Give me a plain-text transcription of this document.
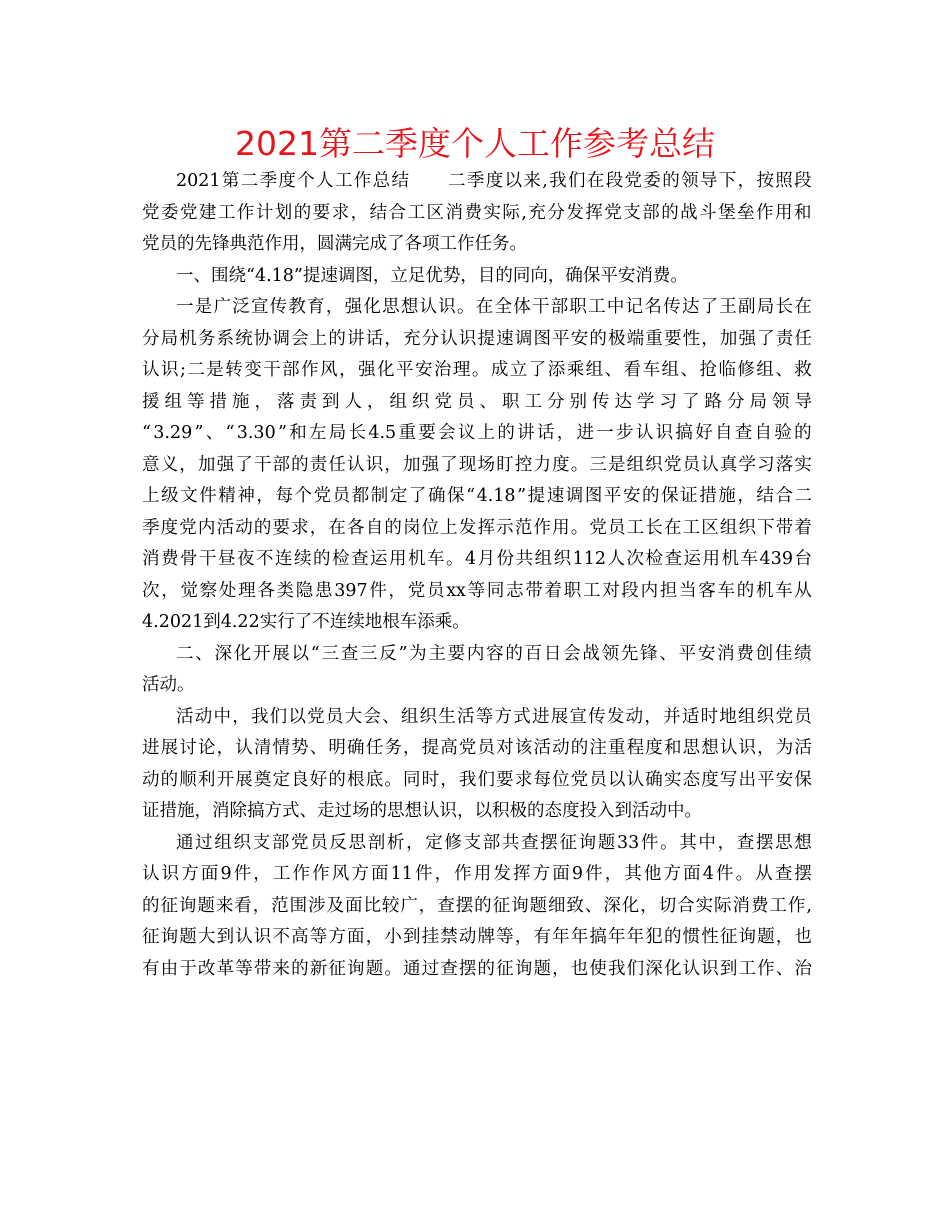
2021第二季度个人工作参考总结
2021 第 二 季 度 个 人 工 作 总 结

　 二 季 度 以 来 , 我 们 在 段 党 委 的 领 导 下 ， 按 照 段
党 委 党 建 工 作 计 划 的 要 求 ， 结 合 工 区 消 费 实 际 , 充 分 发 挥 党 支 部 的 战 斗 堡 垒 作 用 和
党员的先锋典范作用，圆满完成了各项工作任务。
一、围绕“4.18”提速调图，立足优势，目的同向，确保平安消费。
一 是 广 泛 宣 传 教 育 ， 强 化 思 想 认 识 。 在 全 体 干 部 职 工 中 记 名 传 达 了 王 副 局 长 在
分 局 机 务 系 统 协 调 会 上 的 讲 话 ， 充 分 认 识 提 速 调 图 平 安 的 极 端 重 要 性 ， 加 强 了 责 任
认 识 ; 二 是 转 变 干 部 作 风 ， 强 化 平 安 治 理 。 成 立 了 添 乘 组 、 看 车 组 、 抢 临 修 组 、 救
援 组 等 措 施 ， 落 责 到 人 ， 组 织 党 员 、 职 工 分 别 传 达 学 习 了 路 分 局 领 导
“ 3.29 ” 、 “ 3.30 ” 和 左 局 长 4.5 重 要 会 议 上 的 讲 话 ， 进 一 步 认 识 搞 好 自 查 自 验 的
意 义 ， 加 强 了 干 部 的 责 任 认 识 ， 加 强 了 现 场 盯 控 力 度 。 三 是 组 织 党 员 认 真 学 习 落 实
上 级 文 件 精 神 ， 每 个 党 员 都 制 定 了 确 保 “ 4.18 ” 提 速 调 图 平 安 的 保 证 措 施 ， 结 合 二
季 度 党 内 活 动 的 要 求 ， 在 各 自 的 岗 位 上 发 挥 示 范 作 用 。 党 员 工 长 在 工 区 组 织 下 带 着
消 费 骨 干 昼 夜 不 连 续 的 检 查 运 用 机 车 。 4 月 份 共 组 织 112 人 次 检 查 运 用 机 车 439 台
次 ， 觉 察 处 理 各 类 隐 患 397 件 ， 党 员 xx 等 同 志 带 着 职 工 对 段 内 担 当 客 车 的 机 车 从
4.2021到4.22实行了不连续地根车添乘。
二 、 深 化 开 展 以 “ 三 查 三 反 ” 为 主 要 内 容 的 百 日 会 战 领 先 锋 、 平 安 消 费 创 佳 绩
活动。
活 动 中 ， 我 们 以 党 员 大 会 、 组 织 生 活 等 方 式 进 展 宣 传 发 动 ， 并 适 时 地 组 织 党 员
进 展 讨 论 ， 认 清 情 势 、 明 确 任 务 ， 提 高 党 员 对 该 活 动 的 注 重 程 度 和 思 想 认 识 ， 为 活
动 的 顺 利 开 展 奠 定 良 好 的 根 底 。 同 时 ， 我 们 要 求 每 位 党 员 以 认 确 实 态 度 写 出 平 安 保
证措施，消除搞方式、走过场的思想认识，以积极的态度投入到活动中。
通 过 组 织 支 部 党 员 反 思 剖 析 ， 定 修 支 部 共 查 摆 征 询 题 33 件 。 其 中 ， 查 摆 思 想
认 识 方 面 9 件 ， 工 作 作 风 方 面 11 件 ， 作 用 发 挥 方 面 9 件 ， 其 他 方 面 4 件 。 从 查 摆
的 征 询 题 来 看 ， 范 围 涉 及 面 比 较 广 ， 查 摆 的 征 询 题 细 致 、 深 化 ， 切 合 实 际 消 费 工 作 ,
征 询 题 大 到 认 识 不 高 等 方 面 ， 小 到 挂 禁 动 牌 等 ， 有 年 年 搞 年 年 犯 的 惯 性 征 询 题 ， 也
有 由 于 改 革 等 带 来 的 新 征 询 题 。 通 过 查 摆 的 征 询 题 ， 也 使 我 们 深 化 认 识 到 工 作 、 治
